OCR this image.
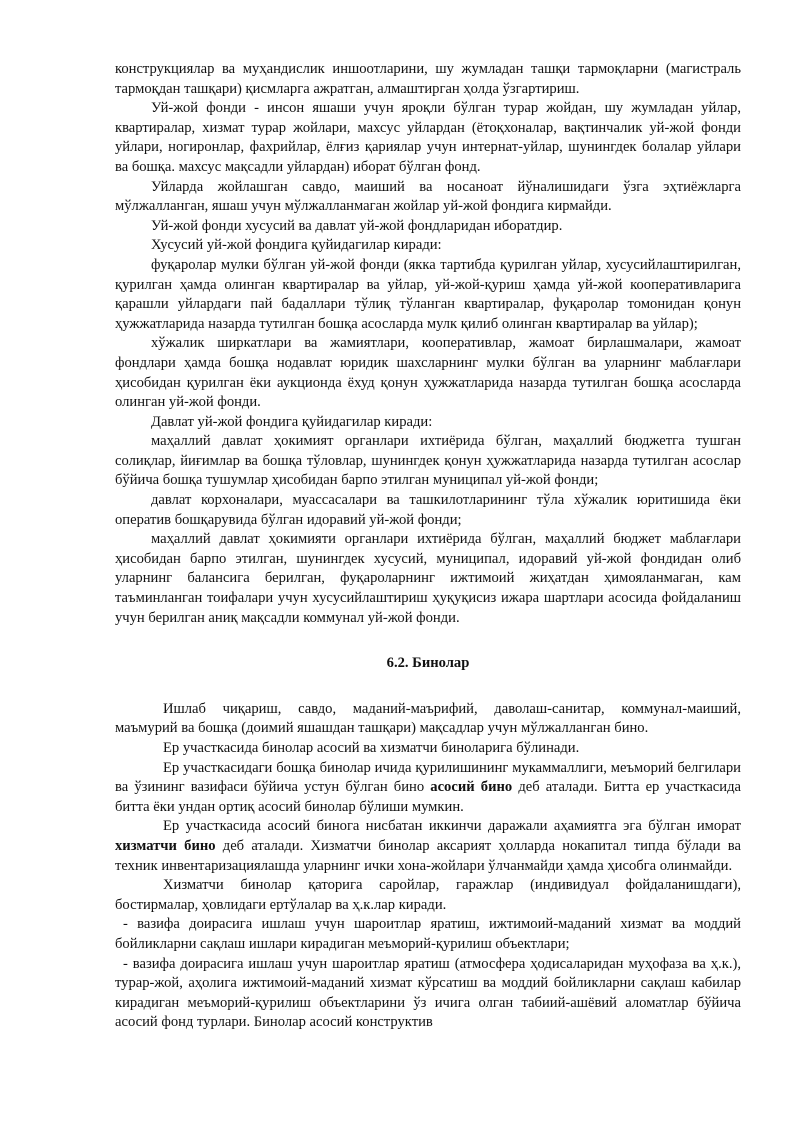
конструкциялар ва муҳандислик иншоотларини, шу жумладан ташқи тармоқларни (магистраль тармоқдан ташқари) қисмларга ажратган, алмаштирган ҳолда ўзгартириш.

Уй-жой фонди - инсон яшаши учун яроқли бўлган турар жойдан, шу жумладан уйлар, квартиралар, хизмат турар жойлари, махсус уйлардан (ётоқхоналар, вақтинчалик уй-жой фонди уйлари, ногиронлар, фахрийлар, ёлғиз қариялар учун интернат-уйлар, шунингдек болалар уйлари ва бошқа. махсус мақсадли уйлардан) иборат бўлган фонд.

Уйларда жойлашган савдо, маиший ва носаноат йўналишидаги ўзга эҳтиёжларга мўлжалланган, яшаш учун мўлжалланмаган жойлар уй-жой фондига кирмайди.

Уй-жой фонди хусусий ва давлат уй-жой фондларидан иборатдир.

Хусусий уй-жой фондига қуйидагилар киради:

фуқаролар мулки бўлган уй-жой фонди (якка тартибда қурилган уйлар, хусусийлаштирилган, қурилган ҳамда олинган квартиралар ва уйлар, уй-жой-қуриш ҳамда уй-жой кооперативларига қарашли уйлардаги пай бадаллари тўлиқ тўланган квартиралар, фуқаролар томонидан қонун ҳужжатларида назарда тутилган бошқа асосларда мулк қилиб олинган квартиралар ва уйлар);

хўжалик ширкатлари ва жамиятлари, кооперативлар, жамоат бирлашмалари, жамоат фондлари ҳамда бошқа нодавлат юридик шахсларнинг мулки бўлган ва уларнинг маблағлари ҳисобидан қурилган ёки аукционда ёхуд қонун ҳужжатларида назарда тутилган бошқа асосларда олинган уй-жой фонди.

Давлат уй-жой фондига қуйидагилар киради:

маҳаллий давлат ҳокимият органлари ихтиёрида бўлган, маҳаллий бюджетга тушган солиқлар, йиғимлар ва бошқа тўловлар, шунингдек қонун ҳужжатларида назарда тутилган асослар бўйича бошқа тушумлар ҳисобидан барпо этилган муниципал уй-жой фонди;

давлат корхоналари, муассасалари ва ташкилотларининг тўла хўжалик юритишида ёки оператив бошқарувида бўлган идоравий уй-жой фонди;

маҳаллий давлат ҳокимияти органлари ихтиёрида бўлган, маҳаллий бюджет маблағлари ҳисобидан барпо этилган, шунингдек хусусий, муниципал, идоравий уй-жой фондидан олиб уларнинг балансига берилган, фуқароларнинг ижтимоий жиҳатдан ҳимояланмаган, кам таъминланган тоифалари учун хусусийлаштириш ҳуқуқисиз ижара шартлари асосида фойдаланиш учун берилган аниқ мақсадли коммунал уй-жой фонди.

6.2. Бинолар

Ишлаб чиқариш, савдо, маданий-маърифий, даволаш-санитар, коммунал-маиший, маъмурий ва бошқа (доимий яшашдан ташқари) мақсадлар учун мўлжалланган бино.

Ер участкасида бинолар асосий ва хизматчи биноларига бўлинади.

Ер участкасидаги бошқа бинолар ичида қурилишининг мукаммаллиги, меъморий белгилари ва ўзининг вазифаси бўйича устун бўлган бино асосий бино деб аталади. Битта ер участкасида битта ёки ундан ортиқ асосий бинолар бўлиши мумкин.

Ер участкасида асосий бинога нисбатан иккинчи даражали аҳамиятга эга бўлган иморат хизматчи бино деб аталади. Хизматчи бинолар аксарият ҳолларда нокапитал типда бўлади ва техник инвентаризациялашда уларнинг ички хона-жойлари ўлчанмайди ҳамда ҳисобга олинмайди.

Хизматчи бинолар қаторига саройлар, гаражлар (индивидуал фойдаланишдаги), бостирмалар, ҳовлидаги ертўлалар ва ҳ.к.лар киради.

- вазифа доирасига ишлаш учун шароитлар яратиш, ижтимоий-маданий хизмат ва моддий бойликларни сақлаш ишлари кирадиган меъморий-қурилиш объектлари;

- вазифа доирасига ишлаш учун шароитлар яратиш (атмосфера ҳодисаларидан муҳофаза ва ҳ.к.), турар-жой, аҳолига ижтимоий-маданий хизмат кўрсатиш ва моддий бойликларни сақлаш кабилар кирадиган меъморий-қурилиш объектларини ўз ичига олган табиий-ашёвий аломатлар бўйича асосий фонд турлари. Бинолар асосий конструктив
